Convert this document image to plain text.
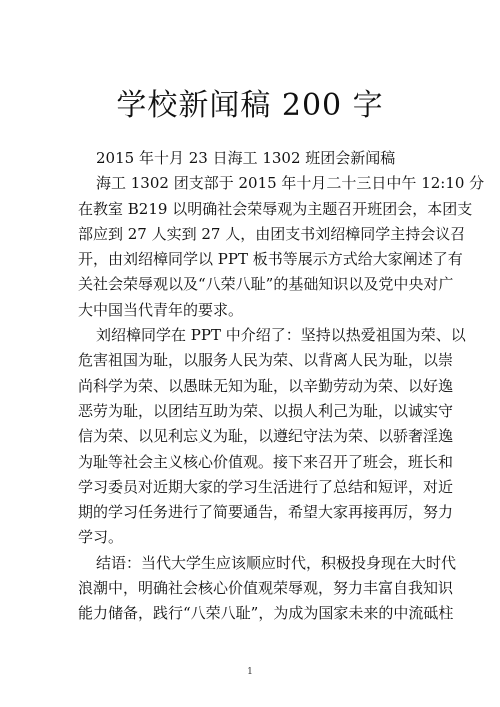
学校新闻稿 200 字
2015 年十月 23 日海工 1302 班团会新闻稿
海工 1302 团支部于 2015 年十月二十三日中午 12:10 分
在教室 B219 以明确社会荣辱观为主题召开班团会，本团支
部应到 27 人实到 27 人，由团支书刘绍樟同学主持会议召
开，由刘绍樟同学以 PPT 板书等展示方式给大家阐述了有
关社会荣辱观以及“八荣八耻”的基础知识以及党中央对广
大中国当代青年的要求。
刘绍樟同学在 PPT 中介绍了：坚持以热爱祖国为荣、以
危害祖国为耻，以服务人民为荣、以背离人民为耻，以崇
尚科学为荣、以愚昧无知为耻，以辛勤劳动为荣、以好逸
恶劳为耻，以团结互助为荣、以损人利己为耻，以诚实守
信为荣、以见利忘义为耻，以遵纪守法为荣、以骄奢淫逸
为耻等社会主义核心价值观。接下来召开了班会，班长和
学习委员对近期大家的学习生活进行了总结和短评，对近
期的学习任务进行了简要通告，希望大家再接再厉，努力
学习。
结语：当代大学生应该顺应时代，积极投身现在大时代
浪潮中，明确社会核心价值观荣辱观，努力丰富自我知识
能力储备，践行“八荣八耻”，为成为国家未来的中流砥柱
1
